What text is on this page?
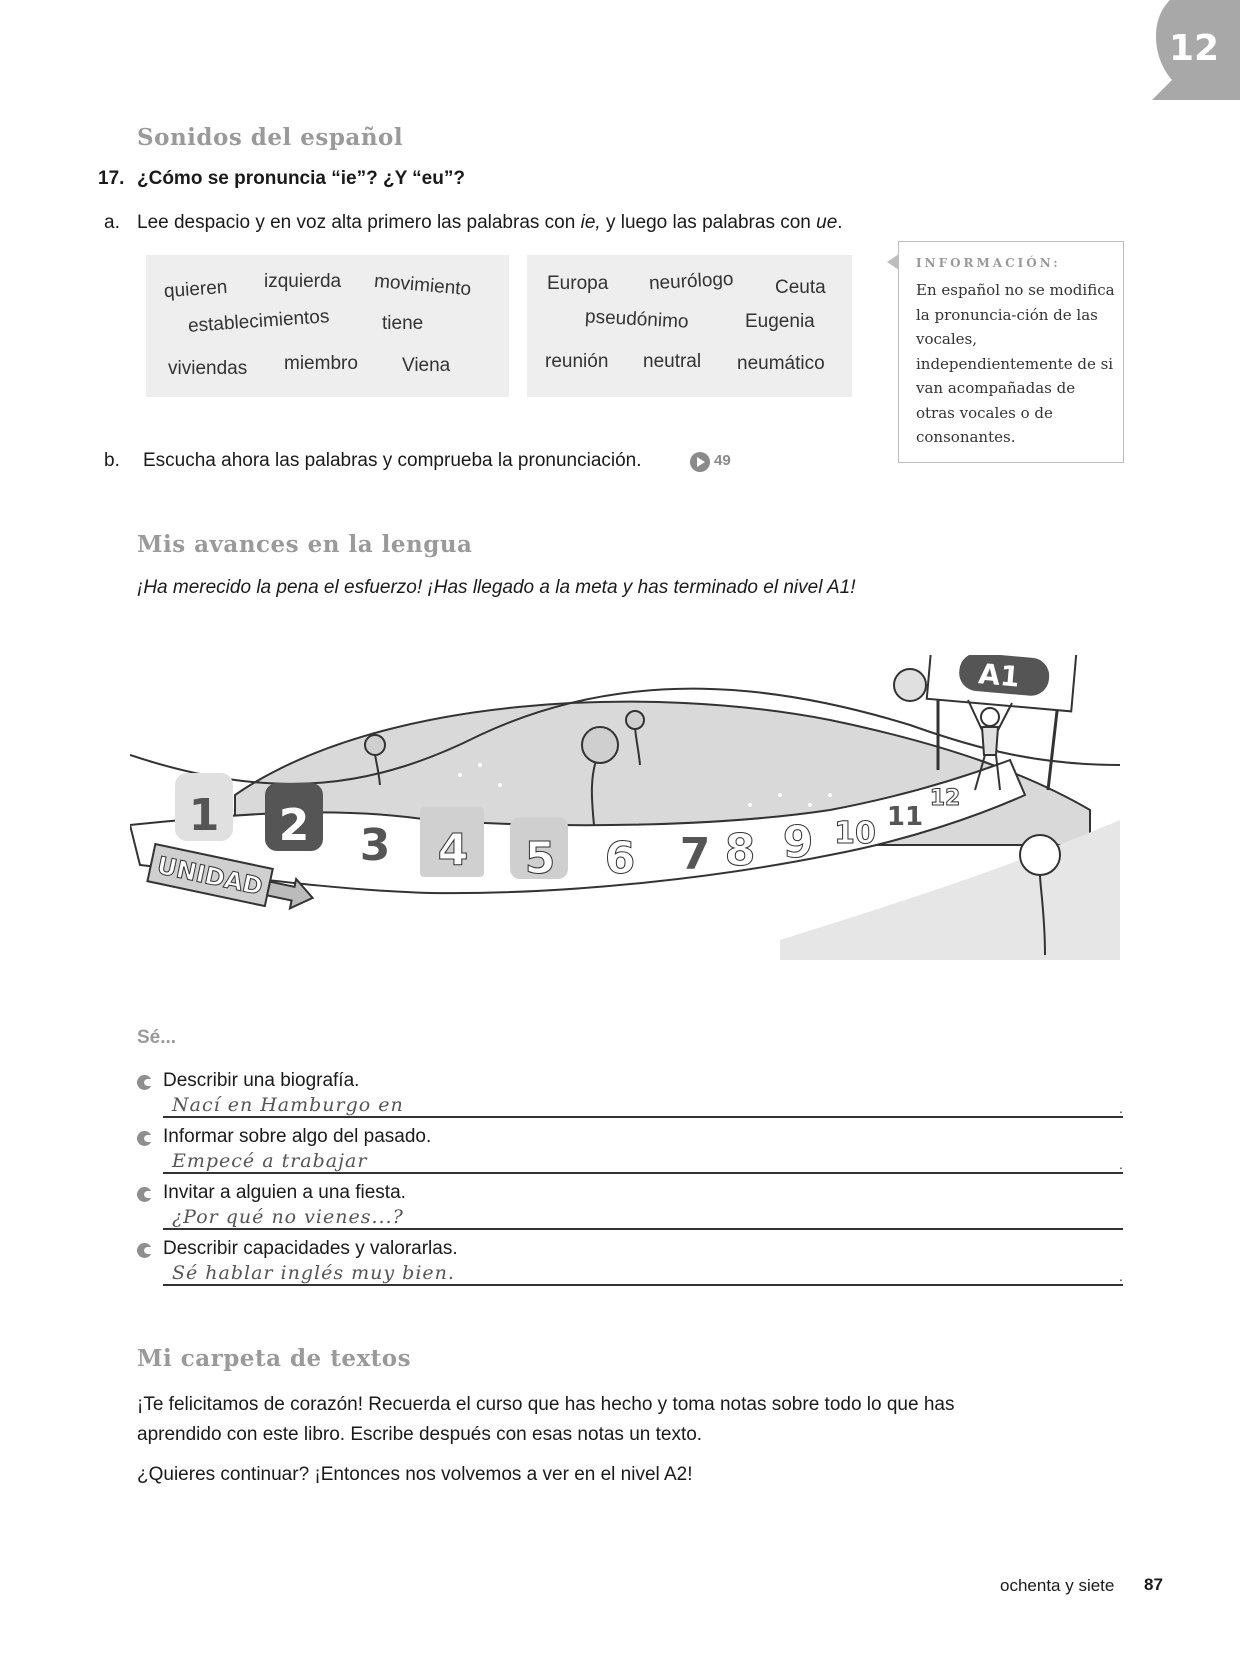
12
Sonidos del español
17. ¿Cómo se pronuncia “ie”? ¿Y “eu”?
a. Lee despacio y en voz alta primero las palabras con ie, y luego las palabras con ue.
quieren izquierda movimiento
establecimientos	tiene
viviendas miembro Viena
Europa neurólogo Ceuta
pseudónimo	Eugenia
reunión neutral neumático
INFORMACIÓN:
En español no se modifica la pronuncia-ción de las vocales, independientemente de si van acompañadas de otras vocales o de consonantes.
b. Escucha ahora las palabras y comprueba la pronunciación.	49
Mis avances en la lengua
¡Ha merecido la pena el esfuerzo! ¡Has llegado a la meta y has terminado el nivel A1!
A1
1 2 3 4 5 6 7 8 9 10 11
12
UNIDAD
Sé...
Describir una biografía.
Nací en Hamburgo en	.
Informar sobre algo del pasado.
Empecé a trabajar	.
Invitar a alguien a una fiesta.
¿Por qué no vienes...?
Describir capacidades y valorarlas.
Sé hablar inglés muy bien.	.
Mi carpeta de textos
¡Te felicitamos de corazón! Recuerda el curso que has hecho y toma notas sobre todo lo que has aprendido con este libro. Escribe después con esas notas un texto.
¿Quieres continuar? ¡Entonces nos volvemos a ver en el nivel A2!
ochenta y siete 87
